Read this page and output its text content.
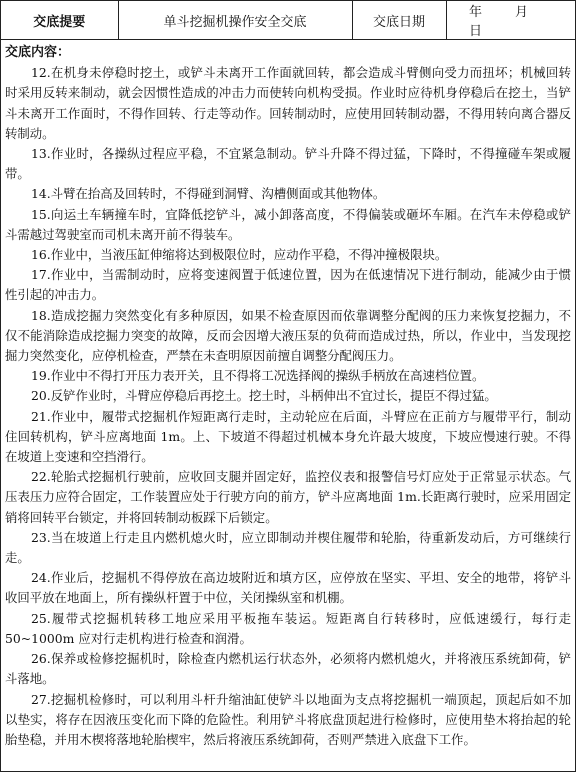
交底提要	单斗挖掘机操作安全交底	交底日期	年	月日
交底内容：

12.在机身未停稳时挖土，或铲斗未离开工作面就回转，都会造成斗臂侧向受力而扭坏；机械回转时采用反转来制动，就会因惯性造成的冲击力而使转向机构受损。作业时应待机身停稳后在挖土，当铲斗未离开工作面时，不得作回转、行走等动作。回转制动时，应使用回转制动器，不得用转向离合器反转制动。

13.作业时，各操纵过程应平稳，不宜紧急制动。铲斗升降不得过猛，下降时，不得撞碰车架或履带。

14.斗臂在抬高及回转时，不得碰到洞臂、沟槽侧面或其他物体。

15.向运土车辆撞车时，宜降低挖铲斗，减小卸落高度，不得偏装或砸坏车厢。在汽车未停稳或铲斗需越过驾驶室而司机未离开前不得装车。

16.作业中，当液压缸伸缩将达到极限位时，应动作平稳，不得冲撞极限块。

17.作业中，当需制动时，应将变速阀置于低速位置，因为在低速情况下进行制动，能减少由于惯性引起的冲击力。

18.造成挖掘力突然变化有多种原因，如果不检查原因而依靠调整分配阀的压力来恢复挖掘力，不仅不能消除造成挖掘力突变的故障，反而会因增大液压泵的负荷而造成过热，所以，作业中，当发现挖掘力突然变化，应停机检查，严禁在未查明原因前擅自调整分配阀压力。

19.作业中不得打开压力表开关，且不得将工况选择阀的操纵手柄放在高速档位置。

20.反铲作业时，斗臂应停稳后再挖土。挖土时，斗柄伸出不宜过长，提臣不得过猛。

21.作业中，履带式挖掘机作短距离行走时，主动轮应在后面，斗臂应在正前方与履带平行，制动住回转机构，铲斗应离地面 1m。上、下坡道不得超过机械本身允许最大坡度，下坡应慢速行驶。不得在坡道上变速和空挡滑行。

22.轮胎式挖掘机行驶前，应收回支腿并固定好，监控仪表和报警信号灯应处于正常显示状态。气压表压力应符合固定，工作装置应处于行驶方向的前方，铲斗应离地面 1m.长距离行驶时，应采用固定销将回转平台锁定，并将回转制动板踩下后锁定。

23.当在坡道上行走且内燃机熄火时，应立即制动并楔住履带和轮胎，待重新发动后，方可继续行走。

24.作业后，挖掘机不得停放在高边坡附近和填方区，应停放在坚实、平坦、安全的地带，将铲斗收回平放在地面上，所有操纵杆置于中位，关闭操纵室和机棚。

25.履带式挖掘机转移工地应采用平板拖车装运。短距离自行转移时，应低速缓行，每行走 50~1000m 应对行走机构进行检查和润滑。

26.保养或检修挖掘机时，除检查内燃机运行状态外，必须将内燃机熄火，并将液压系统卸荷，铲斗落地。

27.挖掘机检修时，可以利用斗杆升缩油缸使铲斗以地面为支点将挖掘机一端顶起，顶起后如不加以垫实，将存在因液压变化而下降的危险性。利用铲斗将底盘顶起进行检修时，应使用垫木将抬起的轮胎垫稳，并用木楔将落地轮胎楔牢，然后将液压系统卸荷，否则严禁进入底盘下工作。
